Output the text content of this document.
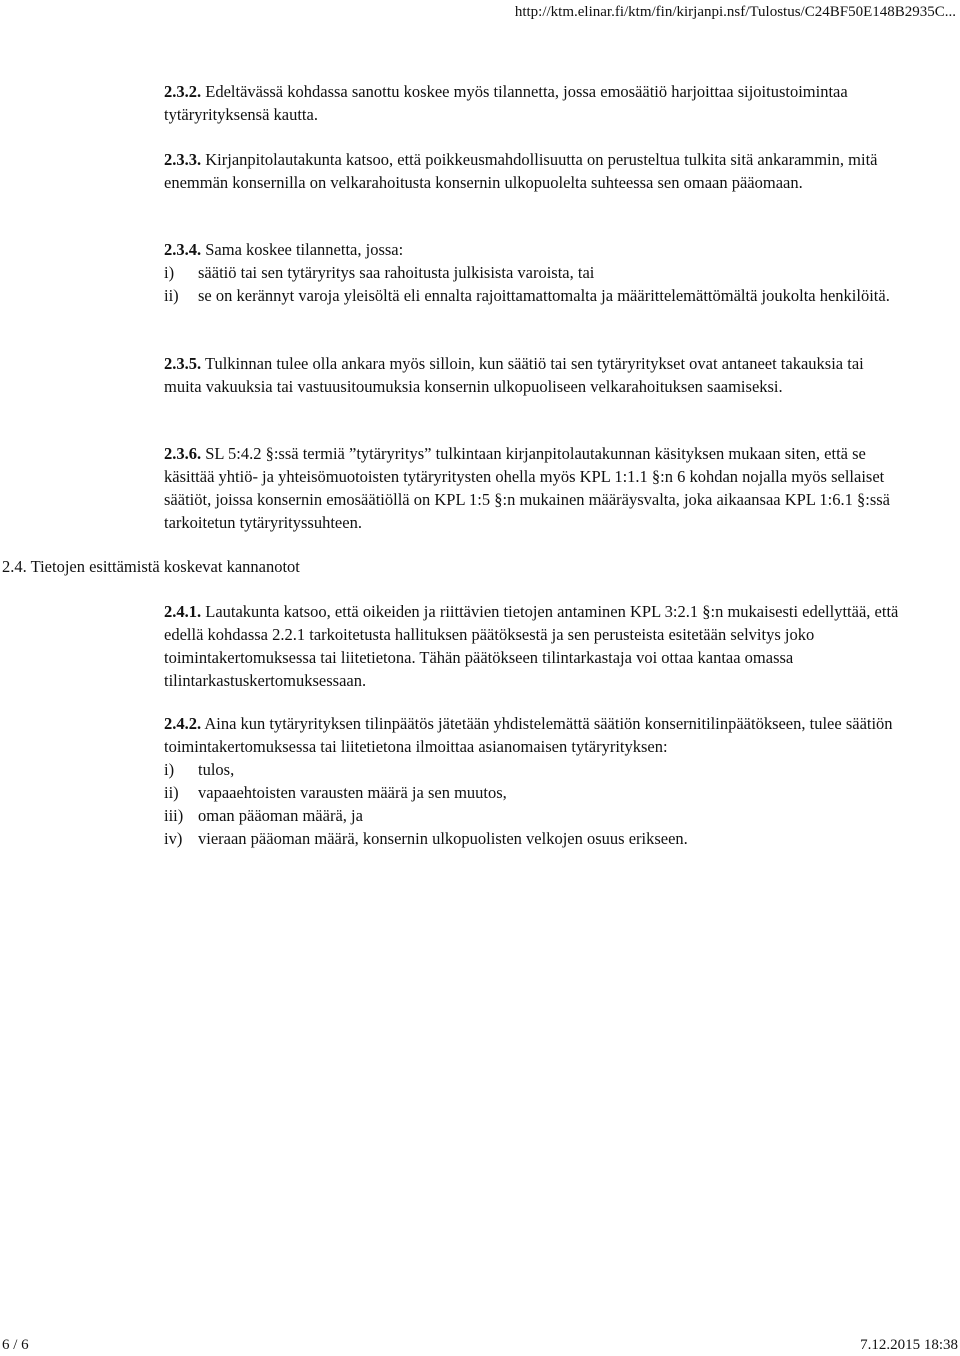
http://ktm.elinar.fi/ktm/fin/kirjanpi.nsf/Tulostus/C24BF50E148B2935C...

2.3.2. Edeltävässä kohdassa sanottu koskee myös tilannetta, jossa emosäätiö harjoittaa sijoitustoimintaa tytäryrityksensä kautta.

2.3.3. Kirjanpitolautakunta katsoo, että poikkeusmahdollisuutta on perusteltua tulkita sitä ankarammin, mitä enemmän konsernilla on velkarahoitusta konsernin ulkopuolelta suhteessa sen omaan pääomaan.

2.3.4. Sama koskee tilannetta, jossa:

i) säätiö tai sen tytäryritys saa rahoitusta julkisista varoista, tai
ii) se on kerännyt varoja yleisöltä eli ennalta rajoittamattomalta ja määrittelemättömältä joukolta henkilöitä.

2.3.5. Tulkinnan tulee olla ankara myös silloin, kun säätiö tai sen tytäryritykset ovat antaneet takauksia tai muita vakuuksia tai vastuusitoumuksia konsernin ulkopuoliseen velkarahoituksen saamiseksi.

2.3.6. SL 5:4.2 §:ssä termiä ”tytäryritys” tulkintaan kirjanpitolautakunnan käsityksen mukaan siten, että se käsittää yhtiö- ja yhteisömuotoisten tytäryritysten ohella myös KPL 1:1.1 §:n 6 kohdan nojalla myös sellaiset säätiöt, joissa konsernin emosäätiöllä on KPL 1:5 §:n mukainen määräysvalta, joka aikaansaa KPL 1:6.1 §:ssä tarkoitetun tytäryrityssuhteen.

2.4. Tietojen esittämistä koskevat kannanotot

2.4.1. Lautakunta katsoo, että oikeiden ja riittävien tietojen antaminen KPL 3:2.1 §:n mukaisesti edellyttää, että edellä kohdassa 2.2.1 tarkoitetusta hallituksen päätöksestä ja sen perusteista esitetään selvitys joko toimintakertomuksessa tai liitetietona. Tähän päätökseen tilintarkastaja voi ottaa kantaa omassa tilintarkastuskertomuksessaan.

2.4.2. Aina kun tytäryrityksen tilinpäätös jätetään yhdistelemättä säätiön konsernitilinpäätökseen, tulee säätiön toimintakertomuksessa tai liitetietona ilmoittaa asianomaisen tytäryrityksen:

i) tulos,
ii) vapaaehtoisten varausten määrä ja sen muutos,
iii) oman pääoman määrä, ja
iv) vieraan pääoman määrä, konsernin ulkopuolisten velkojen osuus erikseen.
6 / 6	7.12.2015 18:38
